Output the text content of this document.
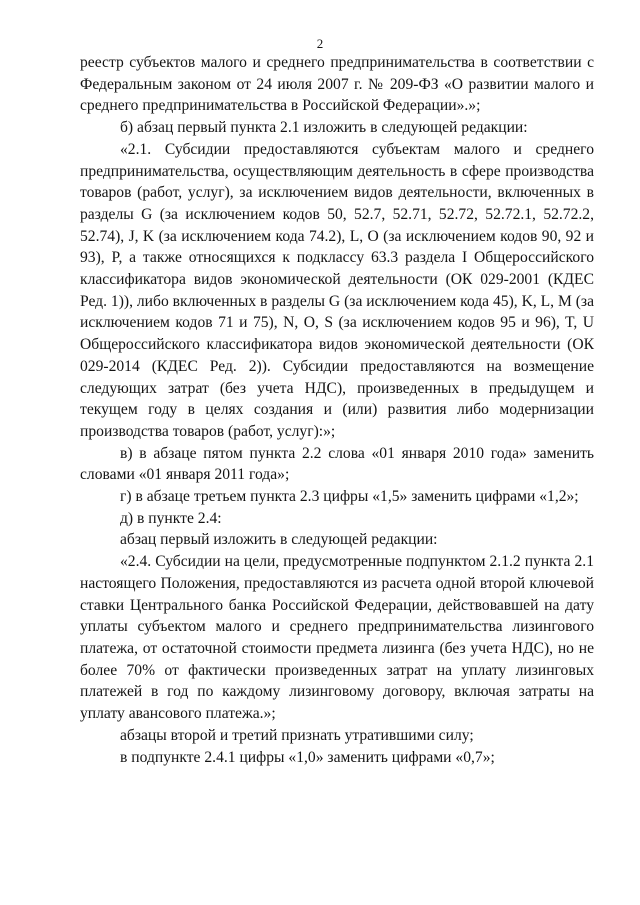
2

реестр субъектов малого и среднего предпринимательства в соответствии с Федеральным законом от 24 июля 2007 г. № 209-ФЗ «О развитии малого и среднего предпринимательства в Российской Федерации».»;

б) абзац первый пункта 2.1 изложить в следующей редакции:

«2.1. Субсидии предоставляются субъектам малого и среднего предпринимательства, осуществляющим деятельность в сфере производства товаров (работ, услуг), за исключением видов деятельности, включенных в разделы G (за исключением кодов 50, 52.7, 52.71, 52.72, 52.72.1, 52.72.2, 52.74), J, K (за исключением кода 74.2), L, O (за исключением кодов 90, 92 и 93), P, а также относящихся к подклассу 63.3 раздела I Общероссийского классификатора видов экономической деятельности (ОК 029-2001 (КДЕС Ред. 1)), либо включенных в разделы G (за исключением кода 45), K, L, M (за исключением кодов 71 и 75), N, O, S (за исключением кодов 95 и 96), T, U Общероссийского классификатора видов экономической деятельности (ОК 029-2014 (КДЕС Ред. 2)). Субсидии предоставляются на возмещение следующих затрат (без учета НДС), произведенных в предыдущем и текущем году в целях создания и (или) развития либо модернизации производства товаров (работ, услуг):»;

в) в абзаце пятом пункта 2.2 слова «01 января 2010 года» заменить словами «01 января 2011 года»;

г) в абзаце третьем пункта 2.3 цифры «1,5» заменить цифрами «1,2»;

д) в пункте 2.4:

абзац первый изложить в следующей редакции:

«2.4. Субсидии на цели, предусмотренные подпунктом 2.1.2 пункта 2.1 настоящего Положения, предоставляются из расчета одной второй ключевой ставки Центрального банка Российской Федерации, действовавшей на дату уплаты субъектом малого и среднего предпринимательства лизингового платежа, от остаточной стоимости предмета лизинга (без учета НДС), но не более 70% от фактически произведенных затрат на уплату лизинговых платежей в год по каждому лизинговому договору, включая затраты на уплату авансового платежа.»;

абзацы второй и третий признать утратившими силу;

в подпункте 2.4.1 цифры «1,0» заменить цифрами «0,7»;
